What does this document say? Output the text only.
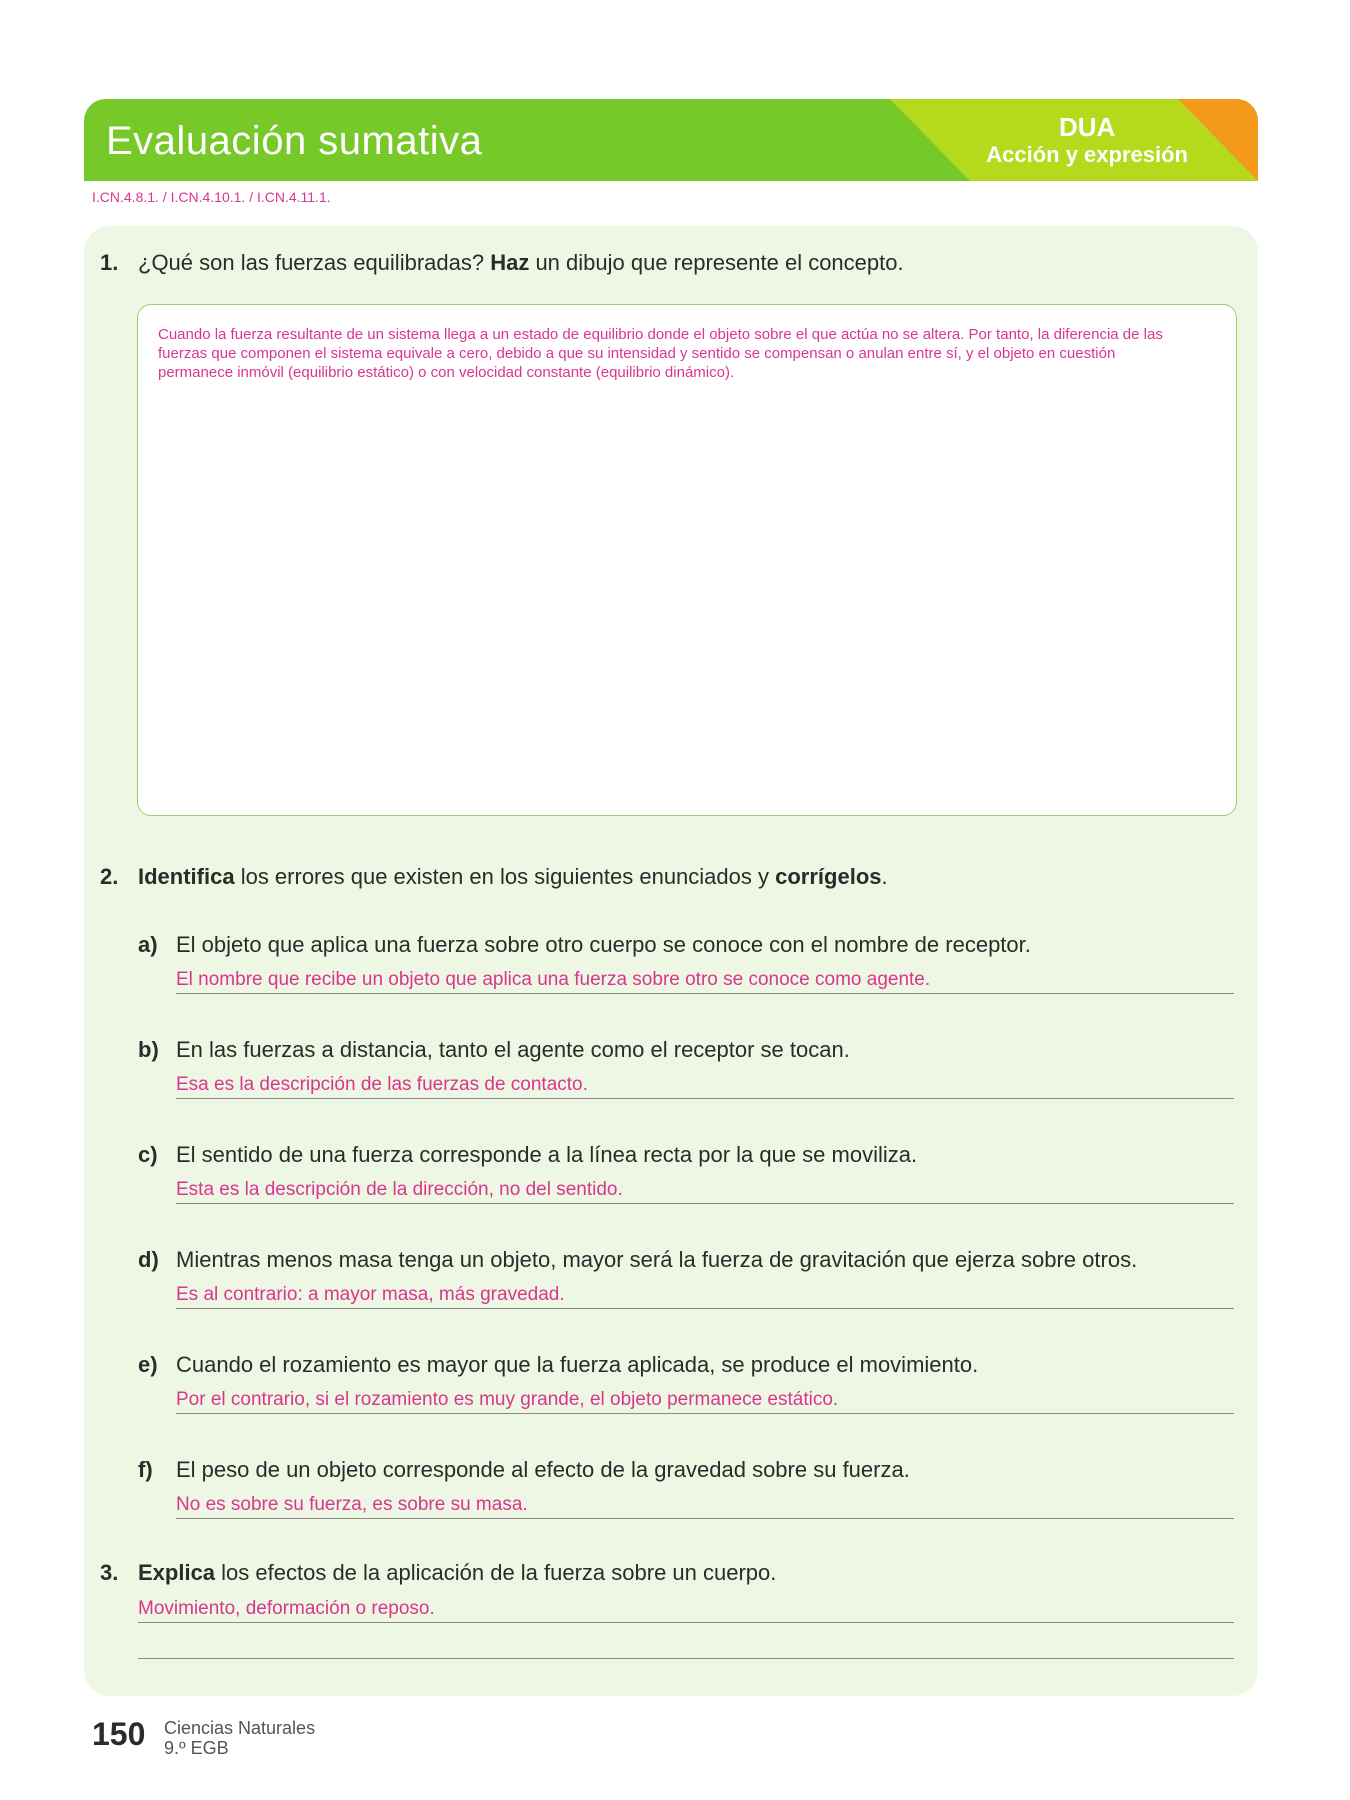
Evaluación sumativa	DUA
Acción y expresión
I.CN.4.8.1. / I.CN.4.10.1. / I.CN.4.11.1.
1. ¿Qué son las fuerzas equilibradas? Haz un dibujo que represente el concepto.

Cuando la fuerza resultante de un sistema llega a un estado de equilibrio donde el objeto sobre el que actúa no se altera. Por tanto, la diferencia de las

fuerzas que componen el sistema equivale a cero, debido a que su intensidad y sentido se compensan o anulan entre sí, y el objeto en cuestión

permanece inmóvil (equilibrio estático) o con velocidad constante (equilibrio dinámico).

2. Identifica los errores que existen en los siguientes enunciados y corrígelos.
a) El objeto que aplica una fuerza sobre otro cuerpo se conoce con el nombre de receptor.
El nombre que recibe un objeto que aplica una fuerza sobre otro se conoce como agente.
b) En las fuerzas a distancia, tanto el agente como el receptor se tocan.
Esa es la descripción de las fuerzas de contacto.
c) El sentido de una fuerza corresponde a la línea recta por la que se moviliza.
Esta es la descripción de la dirección, no del sentido.
d) Mientras menos masa tenga un objeto, mayor será la fuerza de gravitación que ejerza sobre otros.
Es al contrario: a mayor masa, más gravedad.
e) Cuando el rozamiento es mayor que la fuerza aplicada, se produce el movimiento.
Por el contrario, si el rozamiento es muy grande, el objeto permanece estático.
f) El peso de un objeto corresponde al efecto de la gravedad sobre su fuerza.
No es sobre su fuerza, es sobre su masa.
3. Explica los efectos de la aplicación de la fuerza sobre un cuerpo.
Movimiento, deformación o reposo.
150 Ciencias Naturales
9.º EGB
